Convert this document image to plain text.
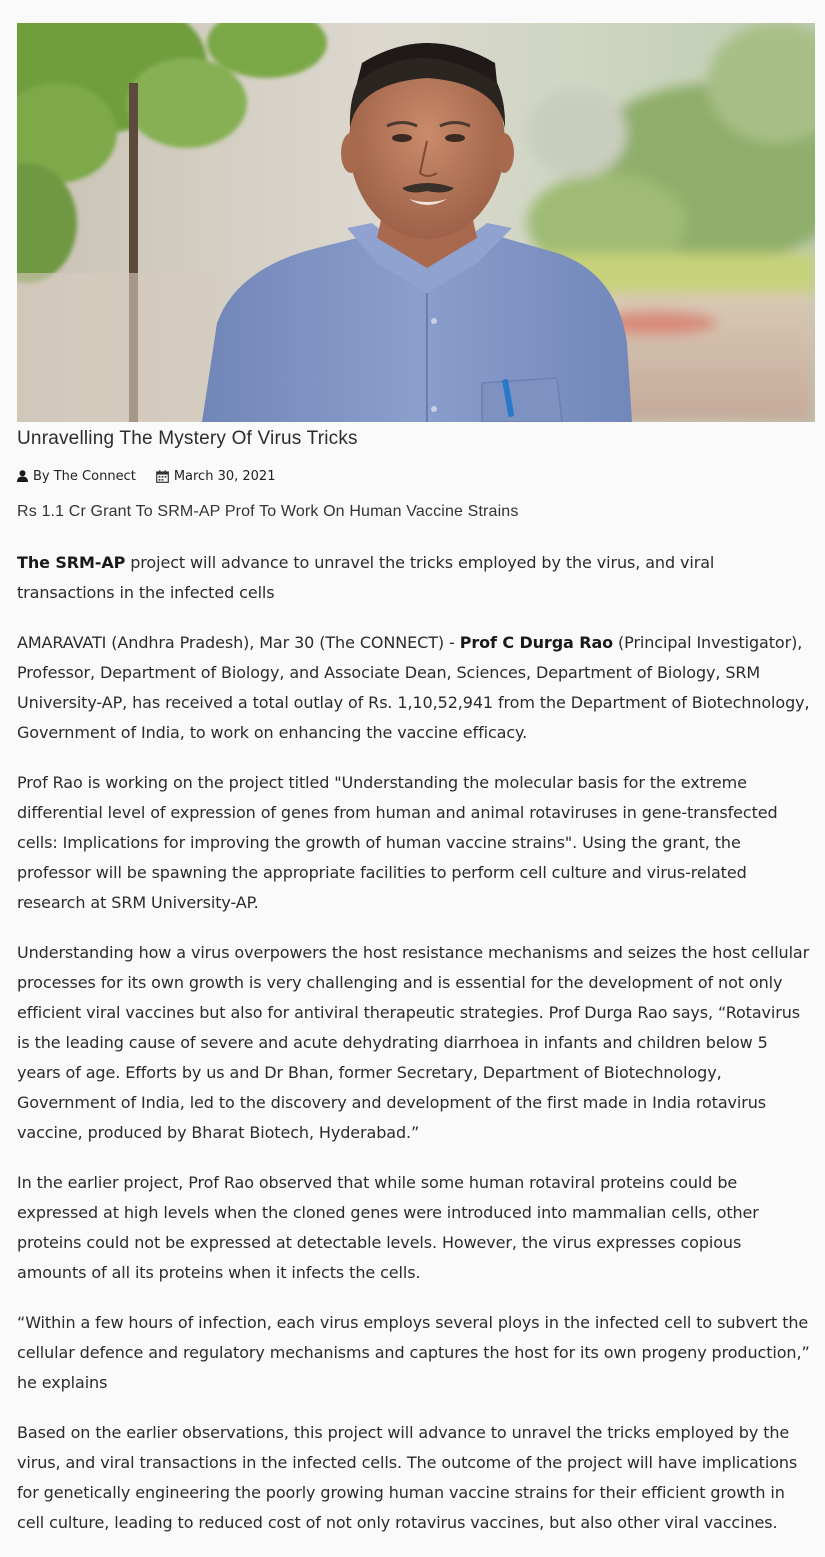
Unravelling The Mystery Of Virus Tricks
By The Connect	March 30, 2021
Rs 1.1 Cr Grant To SRM-AP Prof To Work On Human Vaccine Strains

The SRM-AP project will advance to unravel the tricks employed by the virus, and viral transactions in the infected cells

AMARAVATI (Andhra Pradesh), Mar 30 (The CONNECT) - Prof C Durga Rao (Principal Investigator), Professor, Department of Biology, and Associate Dean, Sciences, Department of Biology, SRM University-AP, has received a total outlay of Rs. 1,10,52,941 from the Department of Biotechnology, Government of India, to work on enhancing the vaccine efficacy.

Prof Rao is working on the project titled "Understanding the molecular basis for the extreme differential level of expression of genes from human and animal rotaviruses in gene-transfected cells: Implications for improving the growth of human vaccine strains". Using the grant, the professor will be spawning the appropriate facilities to perform cell culture and virus-related research at SRM University-AP.

Understanding how a virus overpowers the host resistance mechanisms and seizes the host cellular processes for its own growth is very challenging and is essential for the development of not only efficient viral vaccines but also for antiviral therapeutic strategies. Prof Durga Rao says, “Rotavirus is the leading cause of severe and acute dehydrating diarrhoea in infants and children below 5 years of age. Efforts by us and Dr Bhan, former Secretary, Department of Biotechnology, Government of India, led to the discovery and development of the first made in India rotavirus vaccine, produced by Bharat Biotech, Hyderabad.”

In the earlier project, Prof Rao observed that while some human rotaviral proteins could be expressed at high levels when the cloned genes were introduced into mammalian cells, other proteins could not be expressed at detectable levels. However, the virus expresses copious amounts of all its proteins when it infects the cells.

“Within a few hours of infection, each virus employs several ploys in the infected cell to subvert the cellular defence and regulatory mechanisms and captures the host for its own progeny production,” he explains

Based on the earlier observations, this project will advance to unravel the tricks employed by the virus, and viral transactions in the infected cells. The outcome of the project will have implications for genetically engineering the poorly growing human vaccine strains for their efficient growth in cell culture, leading to reduced cost of not only rotavirus vaccines, but also other viral vaccines.
